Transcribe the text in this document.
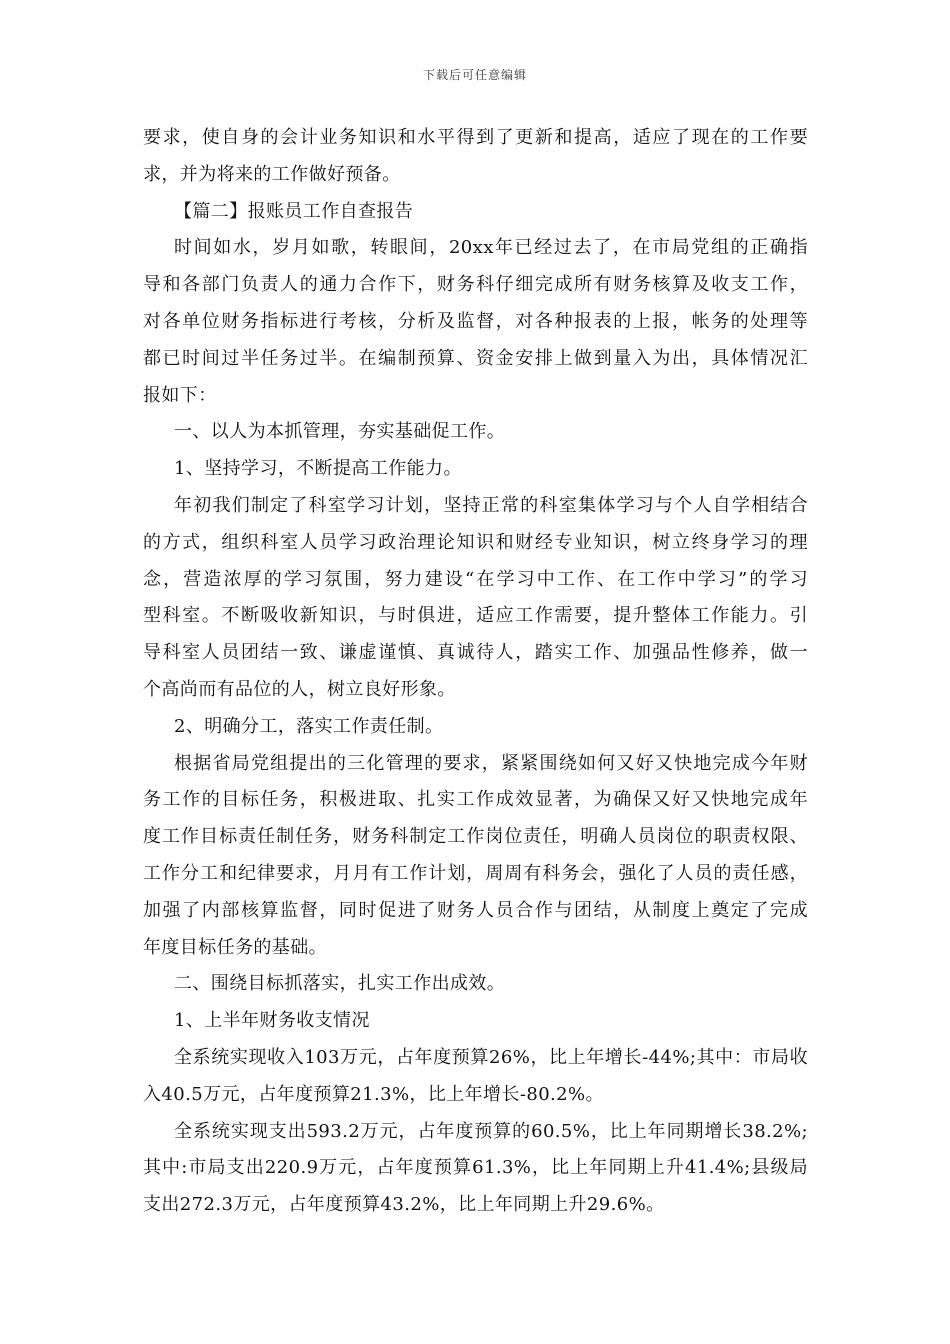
下载后可任意编辑
要求，使自身的会计业务知识和水平得到了更新和提高，适应了现在的工作要
求，并为将来的工作做好预备。
【篇二】报账员工作自查报告
时间如水，岁月如歌，转眼间，20xx年已经过去了，在市局党组的正确指
导和各部门负责人的通力合作下，财务科仔细完成所有财务核算及收支工作，
对各单位财务指标进行考核，分析及监督，对各种报表的上报，帐务的处理等
都已时间过半任务过半。在编制预算、资金安排上做到量入为出，具体情况汇
报如下：
一、以人为本抓管理，夯实基础促工作。
1、坚持学习，不断提高工作能力。
年初我们制定了科室学习计划，坚持正常的科室集体学习与个人自学相结合
的方式，组织科室人员学习政治理论知识和财经专业知识，树立终身学习的理
念，营造浓厚的学习氛围，努力建设“在学习中工作、在工作中学习”的学习
型科室。不断吸收新知识，与时俱进，适应工作需要，提升整体工作能力。引
导科室人员团结一致、谦虚谨慎、真诚待人，踏实工作、加强品性修养，做一
个高尚而有品位的人，树立良好形象。
2、明确分工，落实工作责任制。
根据省局党组提出的三化管理的要求，紧紧围绕如何又好又快地完成今年财
务工作的目标任务，积极进取、扎实工作成效显著，为确保又好又快地完成年
度工作目标责任制任务，财务科制定工作岗位责任，明确人员岗位的职责权限、
工作分工和纪律要求，月月有工作计划，周周有科务会，强化了人员的责任感，
加强了内部核算监督，同时促进了财务人员合作与团结，从制度上奠定了完成
年度目标任务的基础。
二、围绕目标抓落实，扎实工作出成效。
1、上半年财务收支情况
全系统实现收入103万元，占年度预算26%，比上年增长-44%;其中：市局收
入40.5万元，占年度预算21.3%，比上年增长-80.2%。
全系统实现支出593.2万元，占年度预算的60.5%，比上年同期增长38.2%;
其中:市局支出220.9万元，占年度预算61.3%，比上年同期上升41.4%;县级局
支出272.3万元，占年度预算43.2%，比上年同期上升29.6%。
